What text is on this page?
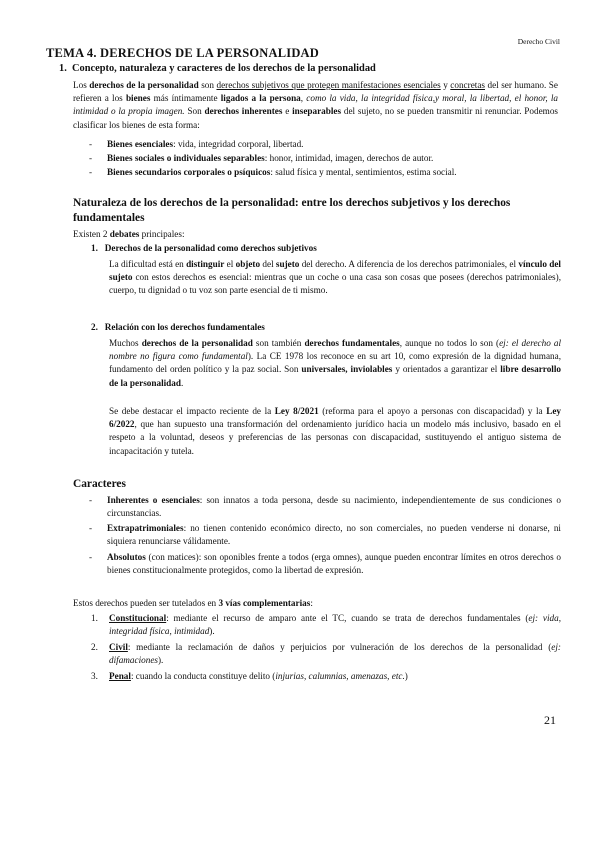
Derecho Civil
TEMA 4. DERECHOS DE LA PERSONALIDAD
1. Concepto, naturaleza y caracteres de los derechos de la personalidad

Los derechos de la personalidad son derechos subjetivos que protegen manifestaciones esenciales y concretas del ser humano. Se refieren a los bienes más íntimamente ligados a la persona, como la vida, la integridad física,y moral, la libertad, el honor, la intimidad o la propia imagen. Son derechos inherentes e inseparables del sujeto, no se pueden transmitir ni renunciar. Podemos clasificar los bienes de esta forma:

- Bienes esenciales: vida, integridad corporal, libertad.
- Bienes sociales o individuales separables: honor, intimidad, imagen, derechos de autor.
- Bienes secundarios corporales o psíquicos: salud física y mental, sentimientos, estima social.
Naturaleza de los derechos de la personalidad: entre los derechos subjetivos y los derechos fundamentales

Existen 2 debates principales:

1. Derechos de la personalidad como derechos subjetivos

La dificultad está en distinguir el objeto del sujeto del derecho. A diferencia de los derechos patrimoniales, el vínculo del sujeto con estos derechos es esencial: mientras que un coche o una casa son cosas que posees (derechos patrimoniales), cuerpo, tu dignidad o tu voz son parte esencial de ti mismo.

2. Relación con los derechos fundamentales

Muchos derechos de la personalidad son también derechos fundamentales, aunque no todos lo son (ej: el derecho al nombre no figura como fundamental). La CE 1978 los reconoce en su art 10, como expresión de la dignidad humana, fundamento del orden político y la paz social. Son universales, inviolables y orientados a garantizar el libre desarrollo de la personalidad.

Se debe destacar el impacto reciente de la Ley 8/2021 (reforma para el apoyo a personas con discapacidad) y la Ley 6/2022, que han supuesto una transformación del ordenamiento jurídico hacia un modelo más inclusivo, basado en el respeto a la voluntad, deseos y preferencias de las personas con discapacidad, sustituyendo el antiguo sistema de incapacitación y tutela.

Caracteres
- Inherentes o esenciales: son innatos a toda persona, desde su nacimiento, independientemente de sus condiciones o circunstancias.

- Extrapatrimoniales: no tienen contenido económico directo, no son comerciales, no pueden venderse ni donarse, ni siquiera renunciarse válidamente.

- Absolutos (con matices): son oponibles frente a todos (erga omnes), aunque pueden encontrar límites en otros derechos o bienes constitucionalmente protegidos, como la libertad de expresión.

Estos derechos pueden ser tutelados en 3 vías complementarias:

1. Constitucional: mediante el recurso de amparo ante el TC, cuando se trata de derechos fundamentales (ej: vida, integridad física, intimidad).

2. Civil: mediante la reclamación de daños y perjuicios por vulneración de los derechos de la personalidad (ej: difamaciones).

3. Penal: cuando la conducta constituye delito (injurias, calumnias, amenazas, etc.)

21
